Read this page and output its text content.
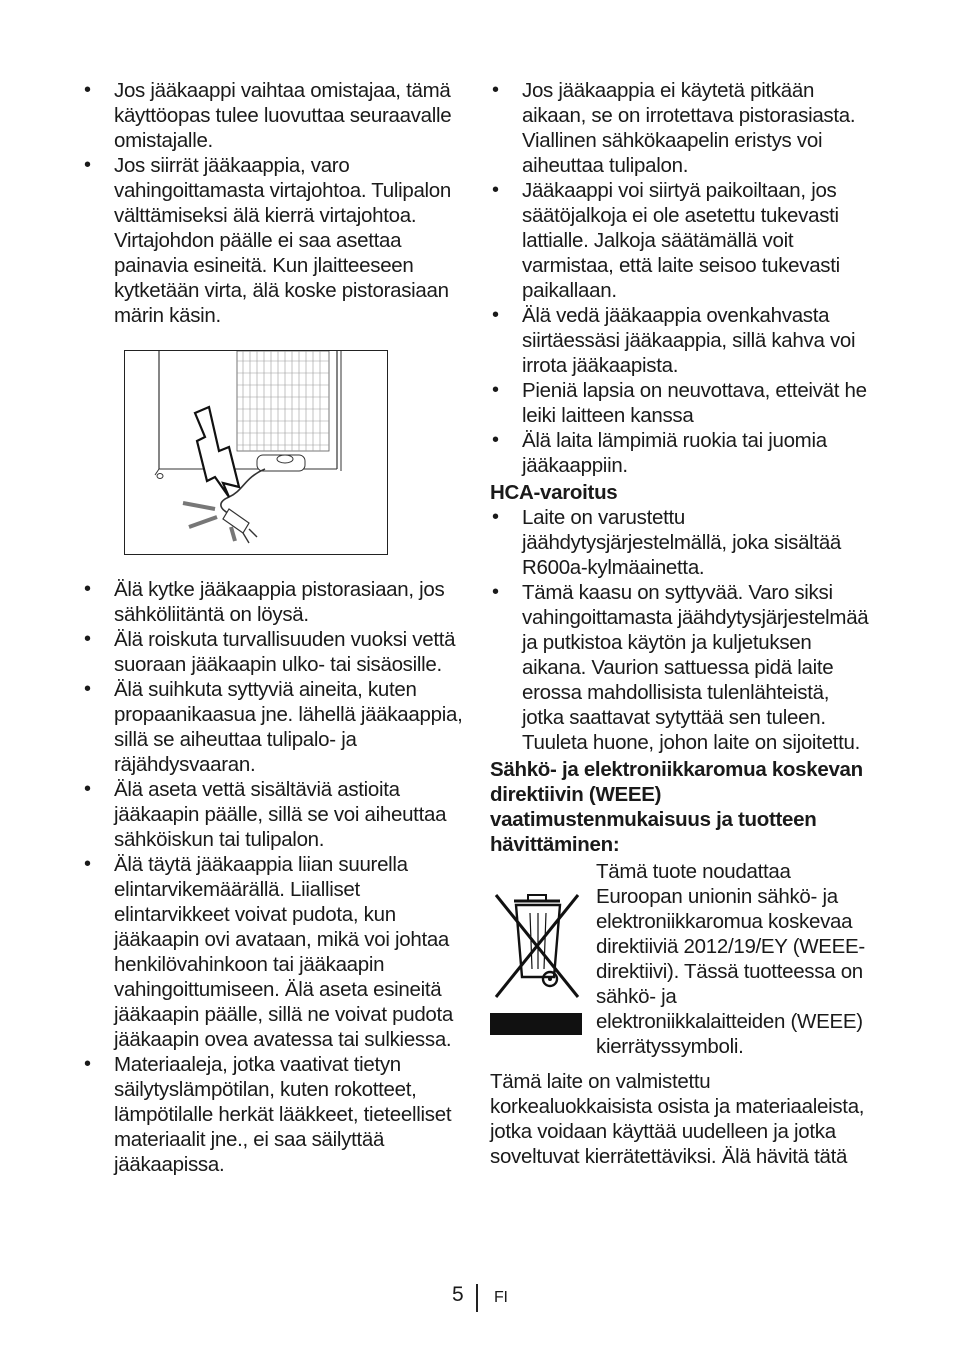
• Jos jääkaappi vaihtaa omistajaa, tämä käyttöopas tulee luovuttaa seuraavalle omistajalle.
• Jos siirrät jääkaappia, varo vahingoittamasta virtajohtoa. Tulipalon välttämiseksi älä kierrä virtajohtoa. Virtajohdon päälle ei saa asettaa painavia esineitä. Kun jlaitteeseen kytketään virta, älä koske pistorasiaan märin käsin.
• Älä kytke jääkaappia pistorasiaan, jos sähköliitäntä on löysä.
• Älä roiskuta turvallisuuden vuoksi vettä suoraan jääkaapin ulko- tai sisäosille.
• Älä suihkuta syttyviä aineita, kuten propaanikaasua jne. lähellä jääkaappia, sillä se aiheuttaa tulipalo- ja räjähdysvaaran.
• Älä aseta vettä sisältäviä astioita jääkaapin päälle, sillä se voi aiheuttaa sähköiskun tai tulipalon.
• Älä täytä jääkaappia liian suurella elintarvikemäärällä. Liialliset elintarvikkeet voivat pudota, kun jääkaapin ovi avataan, mikä voi johtaa henkilövahinkoon tai jääkaapin vahingoittumiseen. Älä aseta esineitä jääkaapin päälle, sillä ne voivat pudota jääkaapin ovea avatessa tai sulkiessa.
• Materiaaleja, jotka vaativat tietyn säilytyslämpötilan, kuten rokotteet, lämpötilalle herkät lääkkeet, tieteelliset materiaalit jne., ei saa säilyttää jääkaapissa.
• Jos jääkaappia ei käytetä pitkään aikaan, se on irrotettava pistorasiasta. Viallinen sähkökaapelin eristys voi aiheuttaa tulipalon.
• Jääkaappi voi siirtyä paikoiltaan, jos säätöjalkoja ei ole asetettu tukevasti lattialle. Jalkoja säätämällä voit varmistaa, että laite seisoo tukevasti paikallaan.
• Älä vedä jääkaappia ovenkahvasta siirtäessäsi jääkaappia, sillä kahva voi irrota jääkaapista.
• Pieniä lapsia on neuvottava, etteivät he leiki laitteen kanssa
• Älä laita lämpimiä ruokia tai juomia jääkaappiin.
HCA-varoitus
• Laite on varustettu jäähdytysjärjestelmällä, joka sisältää R600a-kylmäainetta.
• Tämä kaasu on syttyvää. Varo siksi vahingoittamasta jäähdytysjärjestelmää ja putkistoa käytön ja kuljetuksen aikana. Vaurion sattuessa pidä laite erossa mahdollisista tulenlähteistä, jotka saattavat sytyttää sen tuleen. Tuuleta huone, johon laite on sijoitettu.
Sähkö- ja elektroniikkaromua koskevan direktiivin (WEEE) vaatimustenmukaisuus ja tuotteen hävittäminen:

Tämä tuote noudattaa Euroopan unionin sähkö- ja elektroniikkaromua koskevaa direktiiviä 2012/19/EY (WEEE-direktiivi). Tässä tuotteessa on sähkö- ja elektroniikkalaitteiden (WEEE) kierrätyssymboli.

Tämä laite on valmistettu korkealuokkaisista osista ja materiaaleista, jotka voidaan käyttää uudelleen ja jotka soveltuvat kierrätettäviksi. Älä hävitä tätä

5 FI
